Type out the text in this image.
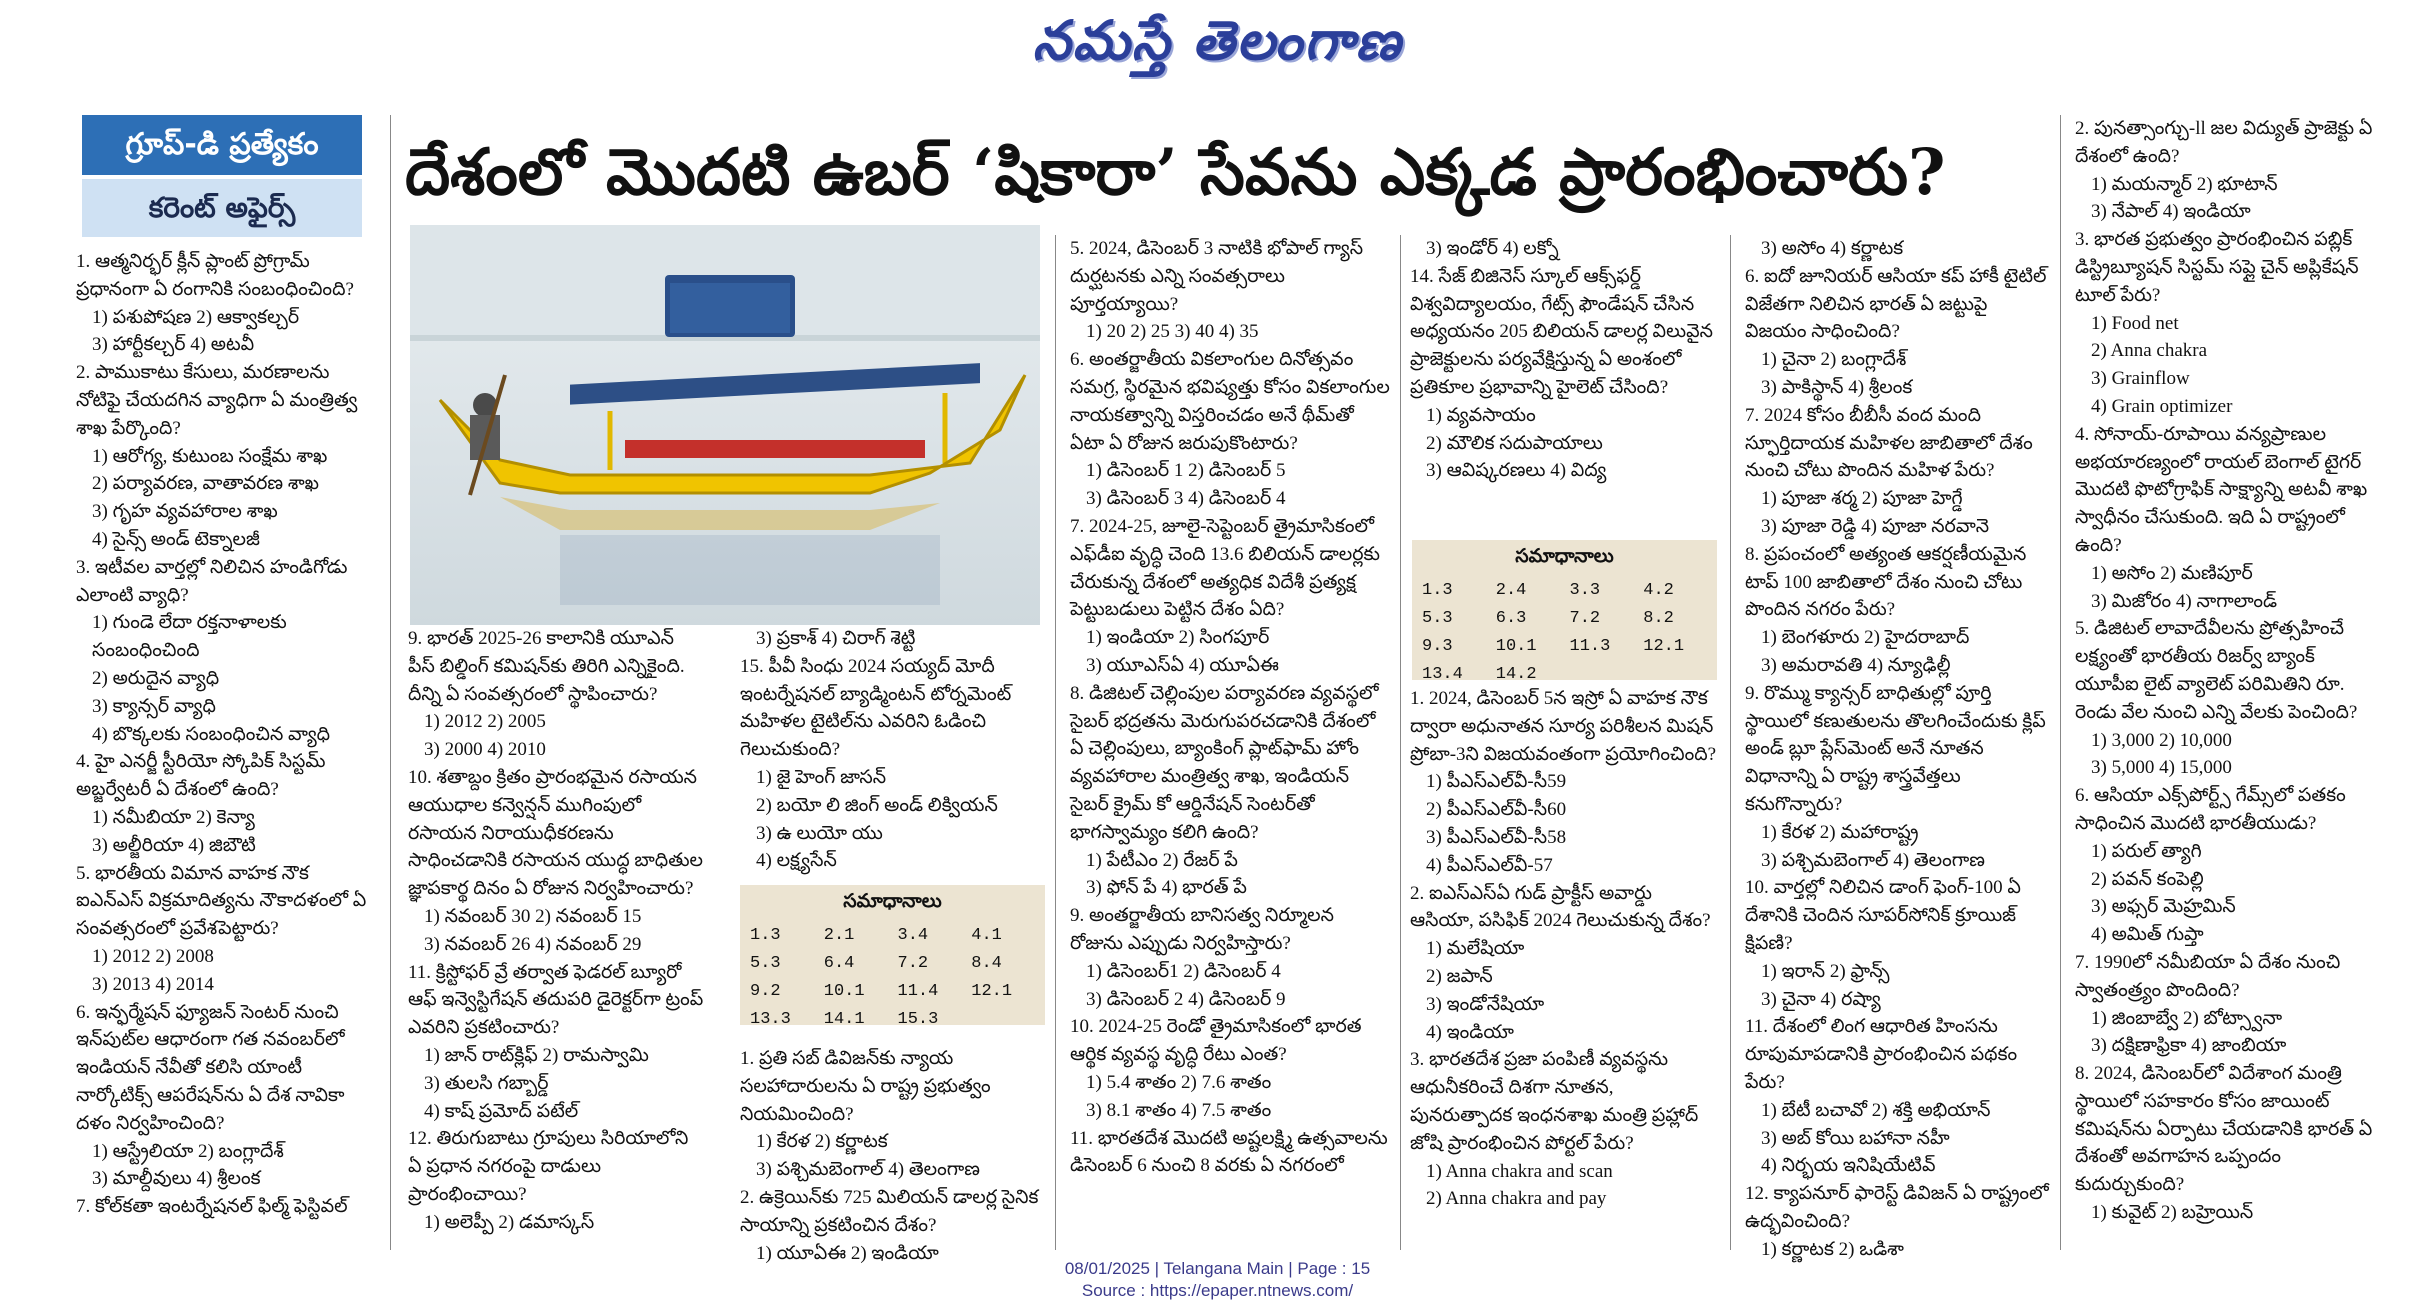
నమస్తే తెలంగాణ
గ్రూప్-డి ప్రత్యేకం
కరెంట్ అఫైర్స్	దేశంలో మొదటి ఉబర్ ‘షికారా’ సేవను ఎక్కడ ప్రారంభించారు?
1. ఆత్మనిర్భర్ క్లీన్ ప్లాంట్ ప్రోగ్రామ్ ప్రధానంగా ఏ రంగానికి సంబంధించింది?
1) పశుపోషణ 2) ఆక్వాకల్చర్
3) హార్టీకల్చర్ 4) అటవీ
2. పాముకాటు కేసులు, మరణాలను నోటిఫై చేయదగిన వ్యాధిగా ఏ మంత్రిత్వ శాఖ పేర్కొంది?
1) ఆరోగ్య, కుటుంబ సంక్షేమ శాఖ
2) పర్యావరణ, వాతావరణ శాఖ
3) గృహ వ్యవహారాల శాఖ
4) సైన్స్ అండ్ టెక్నాలజీ
3. ఇటీవల వార్తల్లో నిలిచిన హండిగోడు ఎలాంటి వ్యాధి?
1) గుండె లేదా రక్తనాళాలకు సంబంధించింది
2) అరుదైన వ్యాధి
3) క్యాన్సర్ వ్యాధి
4) బొక్కలకు సంబంధించిన వ్యాధి
4. హై ఎనర్జీ స్టీరియో స్కోపిక్ సిస్టమ్ అబ్జర్వేటరీ ఏ దేశంలో ఉంది?
1) నమీబియా 2) కెన్యా
3) అల్జీరియా 4) జిబౌటి
5. భారతీయ విమాన వాహక నౌక ఐఎన్ఎస్ విక్రమాదిత్యను నౌకాదళంలో ఏ సంవత్సరంలో ప్రవేశపెట్టారు?
1) 2012 2) 2008
3) 2013 4) 2014
6. ఇన్ఫర్మేషన్ ఫ్యూజన్ సెంటర్ నుంచి ఇన్‌పుట్‌ల ఆధారంగా గత నవంబర్‌లో ఇండియన్ నేవీతో కలిసి యాంటీ నార్కోటిక్స్ ఆపరేషన్‌ను ఏ దేశ నావికా దళం నిర్వహించింది?
1) ఆస్ట్రేలియా 2) బంగ్లాదేశ్
3) మాల్దీవులు 4) శ్రీలంక
7. కోల్‌కతా ఇంటర్నేషనల్ ఫిల్మ్ ఫెస్టివల్
9. భారత్ 2025-26 కాలానికి యూఎన్ పీస్ బిల్డింగ్ కమిషన్‌కు తిరిగి ఎన్నికైంది. దీన్ని ఏ సంవత్సరంలో స్థాపించారు?
1) 2012 2) 2005
3) 2000 4) 2010
10. శతాబ్దం క్రితం ప్రారంభమైన రసాయన ఆయుధాల కన్వెన్షన్ ముగింపులో రసాయన నిరాయుధీకరణను సాధించడానికి రసాయన యుద్ధ బాధితుల జ్ఞాపకార్థ దినం ఏ రోజున నిర్వహించారు?
1) నవంబర్ 30 2) నవంబర్ 15
3) నవంబర్ 26 4) నవంబర్ 29
11. క్రిస్టోఫర్ వ్రే తర్వాత ఫెడరల్ బ్యూరో ఆఫ్ ఇన్వెస్టిగేషన్ తదుపరి డైరెక్టర్‌గా ట్రంప్ ఎవరిని ప్రకటించారు?
1) జాన్ రాట్‌క్లిఫ్ 2) రామస్వామి
3) తులసి గబ్బార్డ్
4) కాష్ ప్రమోద్ పటేల్
12. తిరుగుబాటు గ్రూపులు సిరియాలోని ఏ ప్రధాన నగరంపై దాడులు ప్రారంభించాయి?
1) అలెప్పీ 2) డమాస్కస్
3) ప్రకాశ్ 4) చిరాగ్ శెట్టి
15. పీవీ సింధు 2024 సయ్యద్ మోదీ ఇంటర్నేషనల్ బ్యాడ్మింటన్ టోర్నమెంట్ మహిళల టైటిల్‌ను ఎవరిని ఓడించి గెలుచుకుంది?
1) జై హెంగ్ జాసన్
2) బయో లి జింగ్ అండ్ లిక్వియన్
3) ఉ లుయో యు
4) లక్ష్యసేన్
సమాధానాలు
1.3	2.1	3.4	4.1
5.3	6.4	7.2	8.4
9.2	10.1	11.4	12.1
13.3	14.1	15.3	
1. ప్రతి సబ్ డివిజన్‌కు న్యాయ సలహాదారులను ఏ రాష్ట్ర ప్రభుత్వం నియమించింది?
1) కేరళ 2) కర్ణాటక
3) పశ్చిమబెంగాల్ 4) తెలంగాణ
2. ఉక్రెయిన్‌కు 725 మిలియన్ డాలర్ల సైనిక సాయాన్ని ప్రకటించిన దేశం?
1) యూఏఈ 2) ఇండియా
5. 2024, డిసెంబర్ 3 నాటికి భోపాల్ గ్యాస్ దుర్ఘటనకు ఎన్ని సంవత్సరాలు పూర్తయ్యాయి?
1) 20 2) 25 3) 40 4) 35
6. అంతర్జాతీయ వికలాంగుల దినోత్సవం సమగ్ర, స్థిరమైన భవిష్యత్తు కోసం వికలాంగుల నాయకత్వాన్ని విస్తరించడం అనే థీమ్‌తో ఏటా ఏ రోజున జరుపుకొంటారు?
1) డిసెంబర్ 1 2) డిసెంబర్ 5
3) డిసెంబర్ 3 4) డిసెంబర్ 4
7. 2024-25, జూలై-సెప్టెంబర్ త్రైమాసికంలో ఎఫ్‌డీఐ వృద్ధి చెంది 13.6 బిలియన్ డాలర్లకు చేరుకున్న దేశంలో అత్యధిక విదేశీ ప్రత్యక్ష పెట్టుబడులు పెట్టిన దేశం ఏది?
1) ఇండియా 2) సింగపూర్
3) యూఎస్ఏ 4) యూఏఈ
8. డిజిటల్ చెల్లింపుల పర్యావరణ వ్యవస్థలో సైబర్ భద్రతను మెరుగుపరచడానికి దేశంలో ఏ చెల్లింపులు, బ్యాంకింగ్ ప్లాట్‌ఫామ్ హోం వ్యవహారాల మంత్రిత్వ శాఖ, ఇండియన్ సైబర్ క్రైమ్ కో ఆర్డినేషన్ సెంటర్‌తో భాగస్వామ్యం కలిగి ఉంది?
1) పేటీఎం 2) రేజర్ పే
3) ఫోన్ పే 4) భారత్ పే
9. అంతర్జాతీయ బానిసత్వ నిర్మూలన రోజును ఎప్పుడు నిర్వహిస్తారు?
1) డిసెంబర్1 2) డిసెంబర్ 4
3) డిసెంబర్ 2 4) డిసెంబర్ 9
10. 2024-25 రెండో త్రైమాసికంలో భారత ఆర్థిక వ్యవస్థ వృద్ధి రేటు ఎంత?
1) 5.4 శాతం 2) 7.6 శాతం
3) 8.1 శాతం 4) 7.5 శాతం
11. భారతదేశ మొదటి అష్టలక్ష్మి ఉత్సవాలను డిసెంబర్ 6 నుంచి 8 వరకు ఏ నగరంలో
3) ఇండోర్ 4) లక్నో
14. సేజ్ బిజినెస్ స్కూల్ ఆక్స్‌ఫర్డ్ విశ్వవిద్యాలయం, గేట్స్ ఫౌండేషన్ చేసిన అధ్యయనం 205 బిలియన్ డాలర్ల విలువైన ప్రాజెక్టులను పర్యవేక్షిస్తున్న ఏ అంశంలో ప్రతికూల ప్రభావాన్ని హైలెట్ చేసింది?
1) వ్యవసాయం
2) మౌలిక సదుపాయాలు
3) ఆవిష్కరణలు 4) విద్య
సమాధానాలు
1.3	2.4	3.3	4.2
5.3	6.3	7.2	8.2
9.3	10.1	11.3	12.1
13.4	14.2		
1. 2024, డిసెంబర్ 5న ఇస్రో ఏ వాహక నౌక ద్వారా అధునాతన సూర్య పరిశీలన మిషన్ ప్రోబా-3ని విజయవంతంగా ప్రయోగించింది?
1) పీఎస్ఎల్‌వీ-సీ59
2) పీఎస్ఎల్‌వీ-సీ60
3) పీఎస్ఎల్‌వీ-సీ58
4) పీఎస్ఎల్‌వీ-57
2. ఐఎస్ఎస్ఏ గుడ్ ప్రాక్టీస్ అవార్డు ఆసియా, పసిఫిక్ 2024 గెలుచుకున్న దేశం?
1) మలేషియా
2) జపాన్
3) ఇండోనేషియా
4) ఇండియా
3. భారతదేశ ప్రజా పంపిణీ వ్యవస్థను ఆధునీకరించే దిశగా నూతన, పునరుత్పాదక ఇంధనశాఖ మంత్రి ప్రహ్లాద్ జోషి ప్రారంభించిన పోర్టల్ పేరు?
1) Anna chakra and scan
2) Anna chakra and pay
3) అసోం 4) కర్ణాటక
6. ఐదో జూనియర్ ఆసియా కప్ హాకీ టైటిల్ విజేతగా నిలిచిన భారత్ ఏ జట్టుపై విజయం సాధించింది?
1) చైనా 2) బంగ్లాదేశ్
3) పాకిస్థాన్ 4) శ్రీలంక
7. 2024 కోసం బీబీసీ వంద మంది స్ఫూర్తిదాయక మహిళల జాబితాలో దేశం నుంచి చోటు పొందిన మహిళ పేరు?
1) పూజా శర్మ 2) పూజా హెగ్డే
3) పూజా రెడ్డి 4) పూజా నరవానె
8. ప్రపంచంలో అత్యంత ఆకర్షణీయమైన టాప్ 100 జాబితాలో దేశం నుంచి చోటు పొందిన నగరం పేరు?
1) బెంగళూరు 2) హైదరాబాద్
3) అమరావతి 4) న్యూఢిల్లీ
9. రొమ్ము క్యాన్సర్ బాధితుల్లో పూర్తి స్థాయిలో కణుతులను తొలగించేందుకు క్లిప్ అండ్ బ్లూ ప్లేస్‌మెంట్ అనే నూతన విధానాన్ని ఏ రాష్ట్ర శాస్త్రవేత్తలు కనుగొన్నారు?
1) కేరళ 2) మహారాష్ట్ర
3) పశ్చిమబెంగాల్ 4) తెలంగాణ
10. వార్తల్లో నిలిచిన డాంగ్ ఫెంగ్-100 ఏ దేశానికి చెందిన సూపర్‌సోనిక్ క్రూయిజ్ క్షిపణి?
1) ఇరాన్ 2) ఫ్రాన్స్
3) చైనా 4) రష్యా
11. దేశంలో లింగ ఆధారిత హింసను రూపుమాపడానికి ప్రారంభించిన పథకం పేరు?
1) బేటీ బచావో 2) శక్తి అభియాన్
3) అబ్ కోయి బహానా నహీ
4) నిర్భయ ఇనిషియేటివ్
12. క్యాపనూర్ ఫారెస్ట్ డివిజన్ ఏ రాష్ట్రంలో ఉద్భవించింది?
1) కర్ణాటక 2) ఒడిశా
2. పునత్సాంగ్చు-ll జల విద్యుత్ ప్రాజెక్టు ఏ దేశంలో ఉంది?
1) మయన్మార్ 2) భూటాన్
3) నేపాల్ 4) ఇండియా
3. భారత ప్రభుత్వం ప్రారంభించిన పబ్లిక్ డిస్ట్రిబ్యూషన్ సిస్టమ్ సప్లై చైన్ అప్లికేషన్ టూల్ పేరు?
1) Food net
2) Anna chakra
3) Grainflow
4) Grain optimizer
4. సోనాయ్-రూపాయి వన్యప్రాణుల అభయారణ్యంలో రాయల్ బెంగాల్ టైగర్ మొదటి ఫొటోగ్రాఫిక్ సాక్ష్యాన్ని అటవీ శాఖ స్వాధీనం చేసుకుంది. ఇది ఏ రాష్ట్రంలో ఉంది?
1) అసోం 2) మణిపూర్
3) మిజోరం 4) నాగాలాండ్
5. డిజిటల్ లావాదేవీలను ప్రోత్సహించే లక్ష్యంతో భారతీయ రిజర్వ్ బ్యాంక్ యూపీఐ లైట్ వ్యాలెట్ పరిమితిని రూ. రెండు వేల నుంచి ఎన్ని వేలకు పెంచింది?
1) 3,000 2) 10,000
3) 5,000 4) 15,000
6. ఆసియా ఎక్స్‌పోర్ట్స్ గేమ్స్‌లో పతకం సాధించిన మొదటి భారతీయుడు?
1) పరుల్ త్యాగి
2) పవన్ కంపెల్లి
3) అఫ్సర్ మెహ్రమిన్
4) అమిత్ గుప్తా
7. 1990లో నమీబియా ఏ దేశం నుంచి స్వాతంత్ర్యం పొందింది?
1) జింబాబ్వే 2) బోట్స్వానా
3) దక్షిణాఫ్రికా 4) జాంబియా
8. 2024, డిసెంబర్‌లో విదేశాంగ మంత్రి స్థాయిలో సహకారం కోసం జాయింట్ కమిషన్‌ను ఏర్పాటు చేయడానికి భారత్ ఏ దేశంతో అవగాహన ఒప్పందం కుదుర్చుకుంది?
1) కువైట్ 2) బహ్రెయిన్
08/01/2025 | Telangana Main | Page : 15
Source : https://epaper.ntnews.com/
